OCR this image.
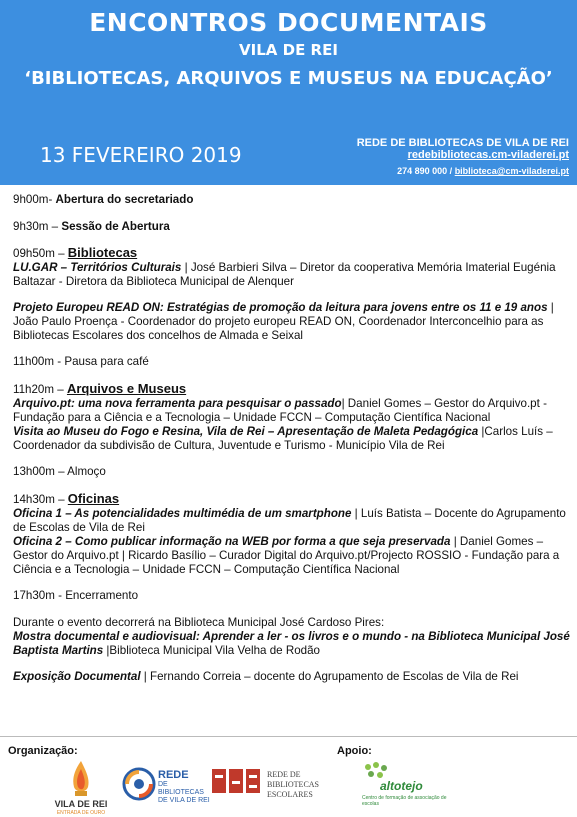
ENCONTROS DOCUMENTAIS
VILA DE REI
‘BIBLIOTECAS, ARQUIVOS E MUSEUS NA EDUCAÇÃO’
13 FEVEREIRO 2019	REDE DE BIBLIOTECAS DE VILA DE REI
redebibliotecas.cm-viladerei.pt
274 890 000 / biblioteca@cm-viladerei.pt

9h00m- Abertura do secretariado

9h30m – Sessão de Abertura

09h50m – Bibliotecas

LU.GAR – Territórios Culturais | José Barbieri Silva – Diretor da cooperativa Memória Imaterial Eugénia Baltazar - Diretora da Biblioteca Municipal de Alenquer

Projeto Europeu READ ON: Estratégias de promoção da leitura para jovens entre os 11 e 19 anos | João Paulo Proença - Coordenador do projeto europeu READ ON, Coordenador Interconcelhio para as Bibliotecas Escolares dos concelhos de Almada e Seixal

11h00m - Pausa para café

11h20m – Arquivos e Museus

Arquivo.pt: uma nova ferramenta para pesquisar o passado| Daniel Gomes – Gestor do Arquivo.pt - Fundação para a Ciência e a Tecnologia – Unidade FCCN – Computação Científica Nacional

Visita ao Museu do Fogo e Resina, Vila de Rei – Apresentação de Maleta Pedagógica |Carlos Luís – Coordenador da subdivisão de Cultura, Juventude e Turismo - Município Vila de Rei

13h00m – Almoço

14h30m – Oficinas

Oficina 1 – As potencialidades multimédia de um smartphone | Luís Batista – Docente do Agrupamento de Escolas de Vila de Rei

Oficina 2 – Como publicar informação na WEB por forma a que seja preservada | Daniel Gomes – Gestor do Arquivo.pt | Ricardo Basílio – Curador Digital do Arquivo.pt/Projecto ROSSIO - Fundação para a Ciência e a Tecnologia – Unidade FCCN – Computação Científica Nacional

17h30m - Encerramento

Durante o evento decorrerá na Biblioteca Municipal José Cardoso Pires:

Mostra documental e audiovisual: Aprender a ler - os livros e o mundo - na Biblioteca Municipal José Baptista Martins |Biblioteca Municipal Vila Velha de Rodão

Exposição Documental | Fernando Correia – docente do Agrupamento de Escolas de Vila de Rei

Organização:	Apoio:
VILA DE REI
ENTRADA DE OURO
REDE
DE
BIBLIOTECAS
DE VILA DE REI
REDE DE
BIBLIOTECAS
ESCOLARES
altotejo
Centro de formação de associação de escolas
